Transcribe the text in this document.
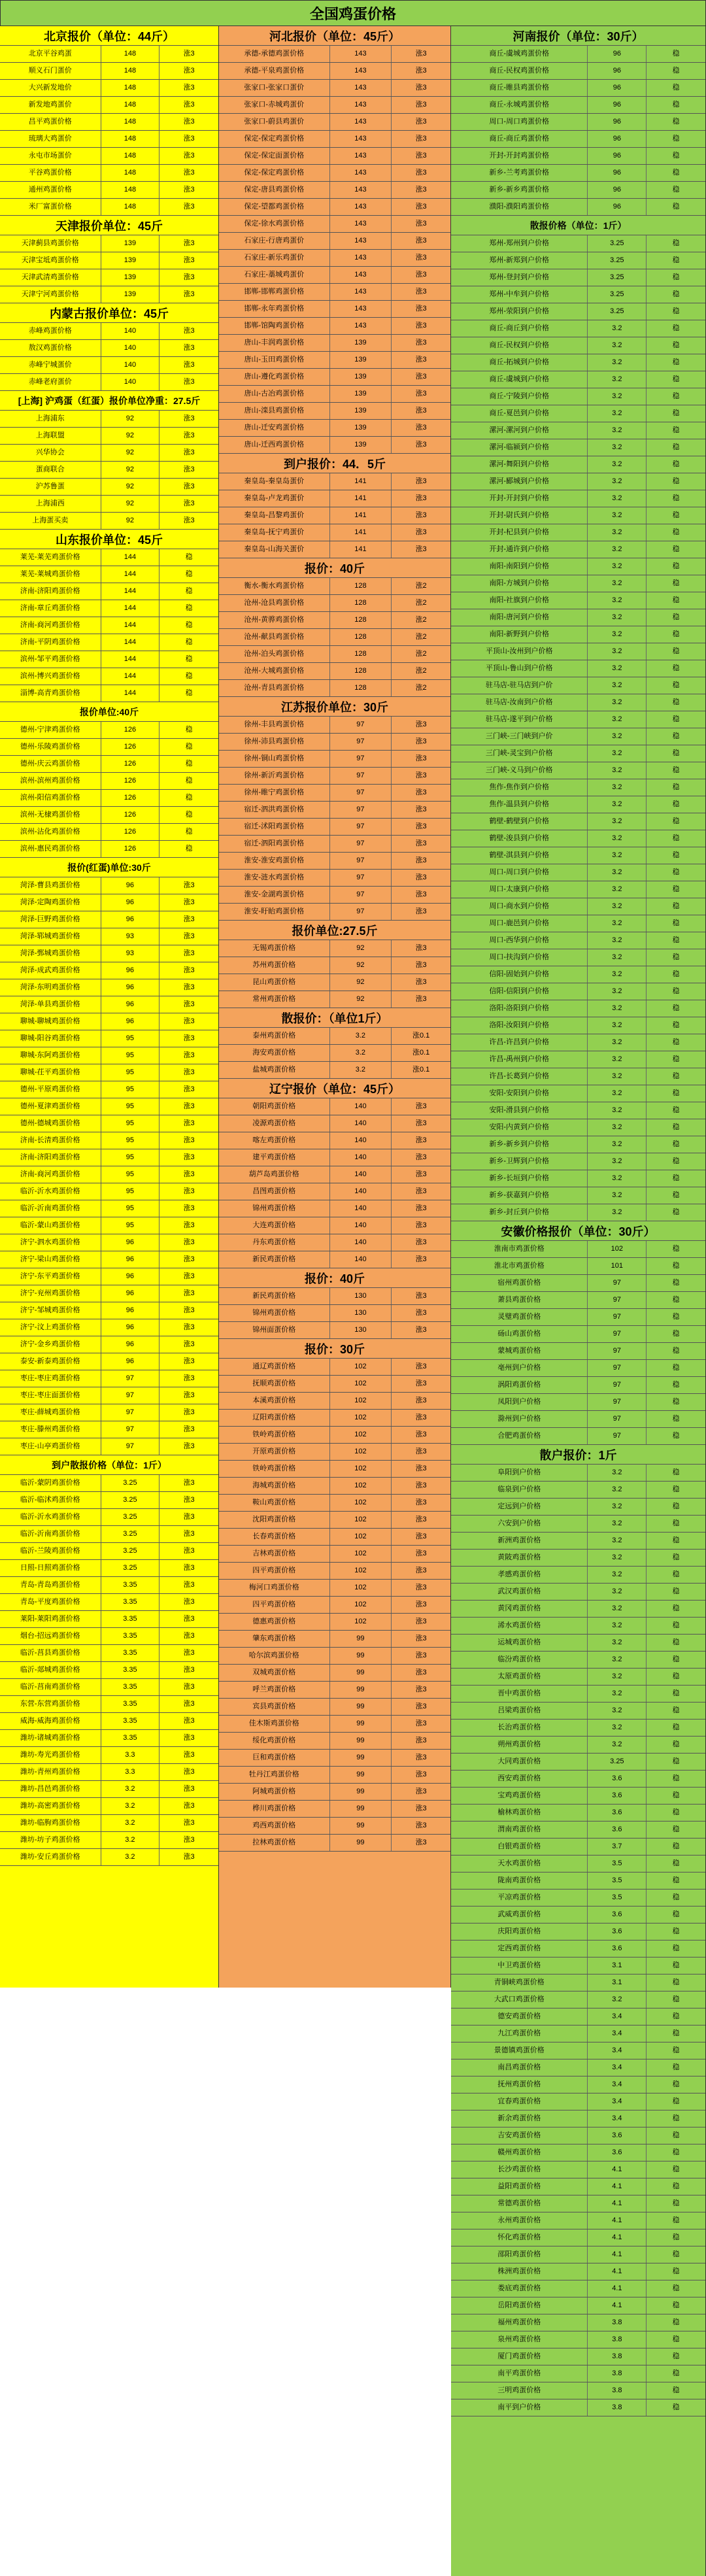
全国鸡蛋价格
北京报价（单位：44斤）
北京平谷鸡蛋	148	涨3
顺义石门蛋价	148	涨3
大兴新发地价	148	涨3
新发地鸡蛋价	148	涨3
昌平鸡蛋价格	148	涨3
琉璃大鸡蛋价	148	涨3
永屯市场蛋价	148	涨3
平谷鸡蛋价格	148	涨3
通州鸡蛋价格	148	涨3
米厂富蛋价格	148	涨3
天津报价单位：45斤
天津蓟县鸡蛋价格	139	涨3
天津宝坻鸡蛋价格	139	涨3
天津武清鸡蛋价格	139	涨3
天津宁河鸡蛋价格	139	涨3
内蒙古报价单位：45斤
赤峰鸡蛋价格	140	涨3
敖汉鸡蛋价格	140	涨3
赤峰宁城蛋价	140	涨3
赤峰老府蛋价	140	涨3
[上海] 沪鸡蛋（红蛋）报价单位净重：27.5斤
上海浦东	92	涨3
上海联盟	92	涨3
兴华协会	92	涨3
蛋商联合	92	涨3
沪苏鲁蛋	92	涨3
上海浦西	92	涨3
上海蛋买卖	92	涨3
山东报价单位：45斤
莱芜-莱芜鸡蛋价格	144	稳
莱芜-莱城鸡蛋价格	144	稳
济南-济阳鸡蛋价格	144	稳
济南-章丘鸡蛋价格	144	稳
济南-商河鸡蛋价格	144	稳
济南-平阴鸡蛋价格	144	稳
滨州-邹平鸡蛋价格	144	稳
滨州-博兴鸡蛋价格	144	稳
淄博-高青鸡蛋价格	144	稳
报价单位:40斤
德州-宁津鸡蛋价格	126	稳
德州-乐陵鸡蛋价格	126	稳
德州-庆云鸡蛋价格	126	稳
滨州-滨州鸡蛋价格	126	稳
滨州-阳信鸡蛋价格	126	稳
滨州-无棣鸡蛋价格	126	稳
滨州-沾化鸡蛋价格	126	稳
滨州-惠民鸡蛋价格	126	稳
报价(红蛋)单位:30斤
菏泽-曹县鸡蛋价格	96	涨3
菏泽-定陶鸡蛋价格	96	涨3
菏泽-巨野鸡蛋价格	96	涨3
菏泽-郓城鸡蛋价格	93	涨3
菏泽-鄄城鸡蛋价格	93	涨3
菏泽-成武鸡蛋价格	96	涨3
菏泽-东明鸡蛋价格	96	涨3
菏泽-单县鸡蛋价格	96	涨3
聊城-聊城鸡蛋价格	96	涨3
聊城-阳谷鸡蛋价格	95	涨3
聊城-东阿鸡蛋价格	95	涨3
聊城-茌平鸡蛋价格	95	涨3
德州-平原鸡蛋价格	95	涨3
德州-夏津鸡蛋价格	95	涨3
德州-德城鸡蛋价格	95	涨3
济南-长清鸡蛋价格	95	涨3
济南-济阳鸡蛋价格	95	涨3
济南-商河鸡蛋价格	95	涨3
临沂-沂水鸡蛋价格	95	涨3
临沂-沂南鸡蛋价格	95	涨3
临沂-蒙山鸡蛋价格	95	涨3
济宁-泗水鸡蛋价格	96	涨3
济宁-梁山鸡蛋价格	96	涨3
济宁-东平鸡蛋价格	96	涨3
济宁-兖州鸡蛋价格	96	涨3
济宁-邹城鸡蛋价格	96	涨3
济宁-汶上鸡蛋价格	96	涨3
济宁-金乡鸡蛋价格	96	涨3
泰安-新泰鸡蛋价格	96	涨3
枣庄-枣庄鸡蛋价格	97	涨3
枣庄-枣庄面蛋价格	97	涨3
枣庄-薛城鸡蛋价格	97	涨3
枣庄-滕州鸡蛋价格	97	涨3
枣庄-山亭鸡蛋价格	97	涨3
到户散报价格（单位：1斤）
临沂-蒙阴鸡蛋价格	3.25	涨3
临沂-临沭鸡蛋价格	3.25	涨3
临沂-沂水鸡蛋价格	3.25	涨3
临沂-沂南鸡蛋价格	3.25	涨3
临沂-兰陵鸡蛋价格	3.25	涨3
日照-日照鸡蛋价格	3.25	涨3
青岛-青岛鸡蛋价格	3.35	涨3
青岛-平度鸡蛋价格	3.35	涨3
莱阳-莱阳鸡蛋价格	3.35	涨3
烟台-招远鸡蛋价格	3.35	涨3
临沂-莒县鸡蛋价格	3.35	涨3
临沂-郯城鸡蛋价格	3.35	涨3
临沂-莒南鸡蛋价格	3.35	涨3
东营-东营鸡蛋价格	3.35	涨3
威海-威海鸡蛋价格	3.35	涨3
潍坊-诸城鸡蛋价格	3.35	涨3
潍坊-寿光鸡蛋价格	3.3	涨3
潍坊-青州鸡蛋价格	3.3	涨3
潍坊-昌邑鸡蛋价格	3.2	涨3
潍坊-高密鸡蛋价格	3.2	涨3
潍坊-临朐鸡蛋价格	3.2	涨3
潍坊-坊子鸡蛋价格	3.2	涨3
潍坊-安丘鸡蛋价格	3.2	涨3
河北报价（单位：45斤）
承德-承德鸡蛋价格	143	涨3
承德-平泉鸡蛋价格	143	涨3
张家口-张家口蛋价	143	涨3
张家口-赤城鸡蛋价	143	涨3
张家口-蔚县鸡蛋价	143	涨3
保定-保定鸡蛋价格	143	涨3
保定-保定面蛋价格	143	涨3
保定-保定鸡蛋价格	143	涨3
保定-唐县鸡蛋价格	143	涨3
保定-望都鸡蛋价格	143	涨3
保定-徐水鸡蛋价格	143	涨3
石家庄-行唐鸡蛋价	143	涨3
石家庄-新乐鸡蛋价	143	涨3
石家庄-藁城鸡蛋价	143	涨3
邯郸-邯郸鸡蛋价格	143	涨3
邯郸-永年鸡蛋价格	143	涨3
邯郸-馆陶鸡蛋价格	143	涨3
唐山-丰润鸡蛋价格	139	涨3
唐山-玉田鸡蛋价格	139	涨3
唐山-遵化鸡蛋价格	139	涨3
唐山-古冶鸡蛋价格	139	涨3
唐山-滦县鸡蛋价格	139	涨3
唐山-迁安鸡蛋价格	139	涨3
唐山-迁西鸡蛋价格	139	涨3
到户报价：44．5斤
秦皇岛-秦皇岛蛋价	141	涨3
秦皇岛-卢龙鸡蛋价	141	涨3
秦皇岛-昌黎鸡蛋价	141	涨3
秦皇岛-抚宁鸡蛋价	141	涨3
秦皇岛-山海关蛋价	141	涨3
报价：40斤
衡水-衡水鸡蛋价格	128	涨2
沧州-沧县鸡蛋价格	128	涨2
沧州-黄骅鸡蛋价格	128	涨2
沧州-献县鸡蛋价格	128	涨2
沧州-泊头鸡蛋价格	128	涨2
沧州-大城鸡蛋价格	128	涨2
沧州-青县鸡蛋价格	128	涨2
江苏报价单位：30斤
徐州-丰县鸡蛋价格	97	涨3
徐州-沛县鸡蛋价格	97	涨3
徐州-铜山鸡蛋价格	97	涨3
徐州-新沂鸡蛋价格	97	涨3
徐州-睢宁鸡蛋价格	97	涨3
宿迁-泗洪鸡蛋价格	97	涨3
宿迁-沭阳鸡蛋价格	97	涨3
宿迁-泗阳鸡蛋价格	97	涨3
淮安-淮安鸡蛋价格	97	涨3
淮安-涟水鸡蛋价格	97	涨3
淮安-金湖鸡蛋价格	97	涨3
淮安-盱眙鸡蛋价格	97	涨3
报价单位:27.5斤
无锡鸡蛋价格	92	涨3
苏州鸡蛋价格	92	涨3
昆山鸡蛋价格	92	涨3
常州鸡蛋价格	92	涨3
散报价：（单位1斤）
泰州鸡蛋价格	3.2	涨0.1
海安鸡蛋价格	3.2	涨0.1
盐城鸡蛋价格	3.2	涨0.1
辽宁报价（单位：45斤）
朝阳鸡蛋价格	140	涨3
凌源鸡蛋价格	140	涨3
喀左鸡蛋价格	140	涨3
建平鸡蛋价格	140	涨3
葫芦岛鸡蛋价格	140	涨3
昌图鸡蛋价格	140	涨3
锦州鸡蛋价格	140	涨3
大连鸡蛋价格	140	涨3
丹东鸡蛋价格	140	涨3
新民鸡蛋价格	140	涨3
报价：40斤
新民鸡蛋价格	130	涨3
锦州鸡蛋价格	130	涨3
锦州面蛋价格	130	涨3
报价：30斤
通辽鸡蛋价格	102	涨3
抚顺鸡蛋价格	102	涨3
本溪鸡蛋价格	102	涨3
辽阳鸡蛋价格	102	涨3
铁岭鸡蛋价格	102	涨3
开原鸡蛋价格	102	涨3
铁岭鸡蛋价格	102	涨3
海城鸡蛋价格	102	涨3
鞍山鸡蛋价格	102	涨3
沈阳鸡蛋价格	102	涨3
长春鸡蛋价格	102	涨3
吉林鸡蛋价格	102	涨3
四平鸡蛋价格	102	涨3
梅河口鸡蛋价格	102	涨3
四平鸡蛋价格	102	涨3
德惠鸡蛋价格	102	涨3
肇东鸡蛋价格	99	涨3
哈尔滨鸡蛋价格	99	涨3
双城鸡蛋价格	99	涨3
呼兰鸡蛋价格	99	涨3
宾县鸡蛋价格	99	涨3
佳木斯鸡蛋价格	99	涨3
绥化鸡蛋价格	99	涨3
巨和鸡蛋价格	99	涨3
牡丹江鸡蛋价格	99	涨3
阿城鸡蛋价格	99	涨3
桦川鸡蛋价格	99	涨3
鸡西鸡蛋价格	99	涨3
拉林鸡蛋价格	99	涨3
河南报价（单位：30斤）
商丘-虞城鸡蛋价格	96	稳
商丘-民权鸡蛋价格	96	稳
商丘-睢县鸡蛋价格	96	稳
商丘-永城鸡蛋价格	96	稳
周口-周口鸡蛋价格	96	稳
商丘-商丘鸡蛋价格	96	稳
开封-开封鸡蛋价格	96	稳
新乡-兰考鸡蛋价格	96	稳
新乡-新乡鸡蛋价格	96	稳
濮阳-濮阳鸡蛋价格	96	稳
散报价格（单位：1斤）
郑州-郑州到户价格	3.25	稳
郑州-新郑到户价格	3.25	稳
郑州-登封到户价格	3.25	稳
郑州-中牟到户价格	3.25	稳
郑州-荥阳到户价格	3.25	稳
商丘-商丘到户价格	3.2	稳
商丘-民权到户价格	3.2	稳
商丘-拓城到户价格	3.2	稳
商丘-虞城到户价格	3.2	稳
商丘-宁陵到户价格	3.2	稳
商丘-夏邑到户价格	3.2	稳
漯河-漯河到户价格	3.2	稳
漯河-临颍到户价格	3.2	稳
漯河-舞阳到户价格	3.2	稳
漯河-郾城到户价格	3.2	稳
开封-开封到户价格	3.2	稳
开封-尉氏到户价格	3.2	稳
开封-杞县到户价格	3.2	稳
开封-通许到户价格	3.2	稳
南阳-南阳到户价格	3.2	稳
南阳-方城到户价格	3.2	稳
南阳-社旗到户价格	3.2	稳
南阳-唐河到户价格	3.2	稳
南阳-新野到户价格	3.2	稳
平顶山-汝州到户价格	3.2	稳
平顶山-鲁山到户价格	3.2	稳
驻马店-驻马店到户价	3.2	稳
驻马店-汝南到户价格	3.2	稳
驻马店-遂平到户价格	3.2	稳
三门峡-三门峡到户价	3.2	稳
三门峡-灵宝到户价格	3.2	稳
三门峡-义马到户价格	3.2	稳
焦作-焦作到户价格	3.2	稳
焦作-温县到户价格	3.2	稳
鹤壁-鹤壁到户价格	3.2	稳
鹤壁-浚县到户价格	3.2	稳
鹤壁-淇县到户价格	3.2	稳
周口-周口到户价格	3.2	稳
周口-太康到户价格	3.2	稳
周口-商水到户价格	3.2	稳
周口-鹿邑到户价格	3.2	稳
周口-西华到户价格	3.2	稳
周口-扶沟到户价格	3.2	稳
信阳-固始到户价格	3.2	稳
信阳-信阳到户价格	3.2	稳
洛阳-洛阳到户价格	3.2	稳
洛阳-汝阳到户价格	3.2	稳
许昌-许昌到户价格	3.2	稳
许昌-禹州到户价格	3.2	稳
许昌-长葛到户价格	3.2	稳
安阳-安阳到户价格	3.2	稳
安阳-滑县到户价格	3.2	稳
安阳-内黄到户价格	3.2	稳
新乡-新乡到户价格	3.2	稳
新乡-卫辉到户价格	3.2	稳
新乡-长垣到户价格	3.2	稳
新乡-获嘉到户价格	3.2	稳
新乡-封丘到户价格	3.2	稳
安徽价格报价（单位：30斤）
淮南市鸡蛋价格	102	稳
淮北市鸡蛋价格	101	稳
宿州鸡蛋价格	97	稳
萧县鸡蛋价格	97	稳
灵璧鸡蛋价格	97	稳
砀山鸡蛋价格	97	稳
蒙城鸡蛋价格	97	稳
亳州到户价格	97	稳
涡阳鸡蛋价格	97	稳
凤阳到户价格	97	稳
滁州到户价格	97	稳
合肥鸡蛋价格	97	稳
散户报价：1斤
阜阳到户价格	3.2	稳
临泉到户价格	3.2	稳
定远到户价格	3.2	稳
六安到户价格	3.2	稳
新洲鸡蛋价格	3.2	稳
黄陂鸡蛋价格	3.2	稳
孝感鸡蛋价格	3.2	稳
武汉鸡蛋价格	3.2	稳
黄冈鸡蛋价格	3.2	稳
浠水鸡蛋价格	3.2	稳
运城鸡蛋价格	3.2	稳
临汾鸡蛋价格	3.2	稳
太原鸡蛋价格	3.2	稳
晋中鸡蛋价格	3.2	稳
吕梁鸡蛋价格	3.2	稳
长治鸡蛋价格	3.2	稳
朔州鸡蛋价格	3.2	稳
大同鸡蛋价格	3.25	稳
西安鸡蛋价格	3.6	稳
宝鸡鸡蛋价格	3.6	稳
榆林鸡蛋价格	3.6	稳
渭南鸡蛋价格	3.6	稳
白银鸡蛋价格	3.7	稳
天水鸡蛋价格	3.5	稳
陇南鸡蛋价格	3.5	稳
平凉鸡蛋价格	3.5	稳
武威鸡蛋价格	3.6	稳
庆阳鸡蛋价格	3.6	稳
定西鸡蛋价格	3.6	稳
中卫鸡蛋价格	3.1	稳
青铜峡鸡蛋价格	3.1	稳
大武口鸡蛋价格	3.2	稳
德安鸡蛋价格	3.4	稳
九江鸡蛋价格	3.4	稳
景德镇鸡蛋价格	3.4	稳
南昌鸡蛋价格	3.4	稳
抚州鸡蛋价格	3.4	稳
宜春鸡蛋价格	3.4	稳
新余鸡蛋价格	3.4	稳
吉安鸡蛋价格	3.6	稳
赣州鸡蛋价格	3.6	稳
长沙鸡蛋价格	4.1	稳
益阳鸡蛋价格	4.1	稳
常德鸡蛋价格	4.1	稳
永州鸡蛋价格	4.1	稳
怀化鸡蛋价格	4.1	稳
邵阳鸡蛋价格	4.1	稳
株洲鸡蛋价格	4.1	稳
娄底鸡蛋价格	4.1	稳
岳阳鸡蛋价格	4.1	稳
福州鸡蛋价格	3.8	稳
泉州鸡蛋价格	3.8	稳
厦门鸡蛋价格	3.8	稳
南平鸡蛋价格	3.8	稳
三明鸡蛋价格	3.8	稳
南平到户价格	3.8	稳
